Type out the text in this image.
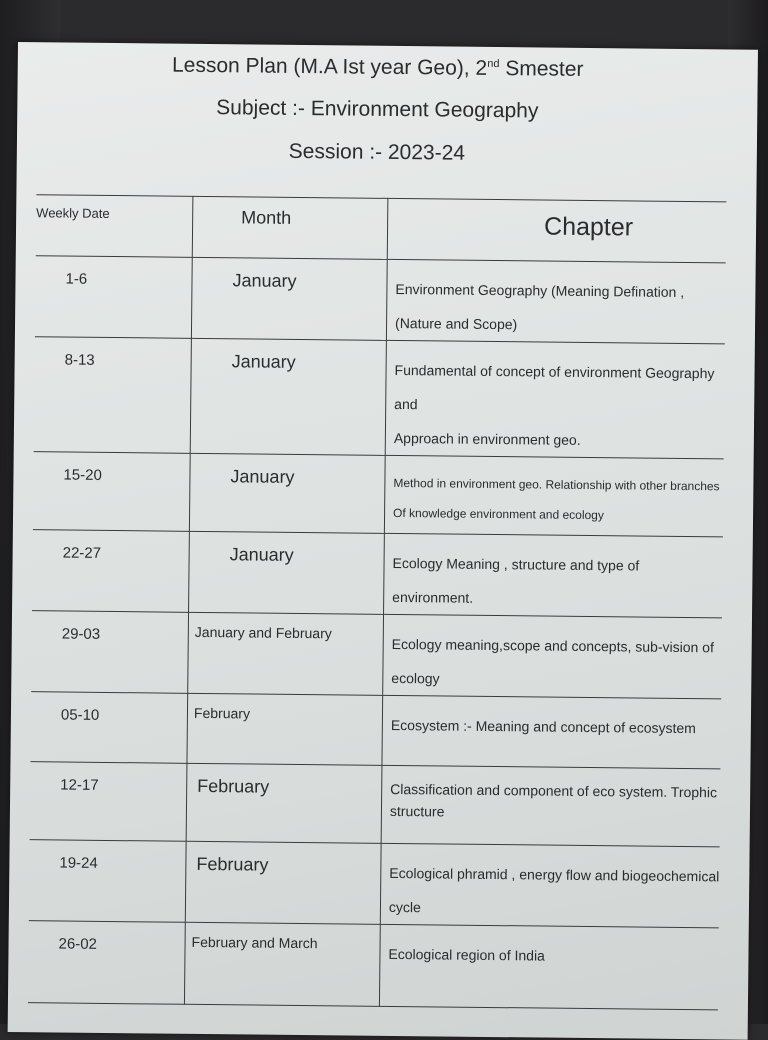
Lesson Plan (M.A Ist year Geo), 2nd Smester
Subject :- Environment Geography
Session :- 2023-24
Weekly Date	Month	Chapter
1-6	January	Environment Geography (Meaning Defination ,
(Nature and Scope)

8-13	January	Fundamental of concept of environment Geography and
Approach in environment geo.

15-20	January	Method in environment geo. Relationship with other branches
Of knowledge environment and ecology

22-27	January	Ecology Meaning , structure and type of environment.

29-03	January and February	Ecology meaning,scope and concepts, sub-vision of ecology

05-10	February	Ecosystem :- Meaning and concept of ecosystem

12-17	February	Classification and component of eco system. Trophic
structure

19-24	February	Ecological phramid , energy flow and biogeochemical cycle

26-02	February and March	Ecological region of India
